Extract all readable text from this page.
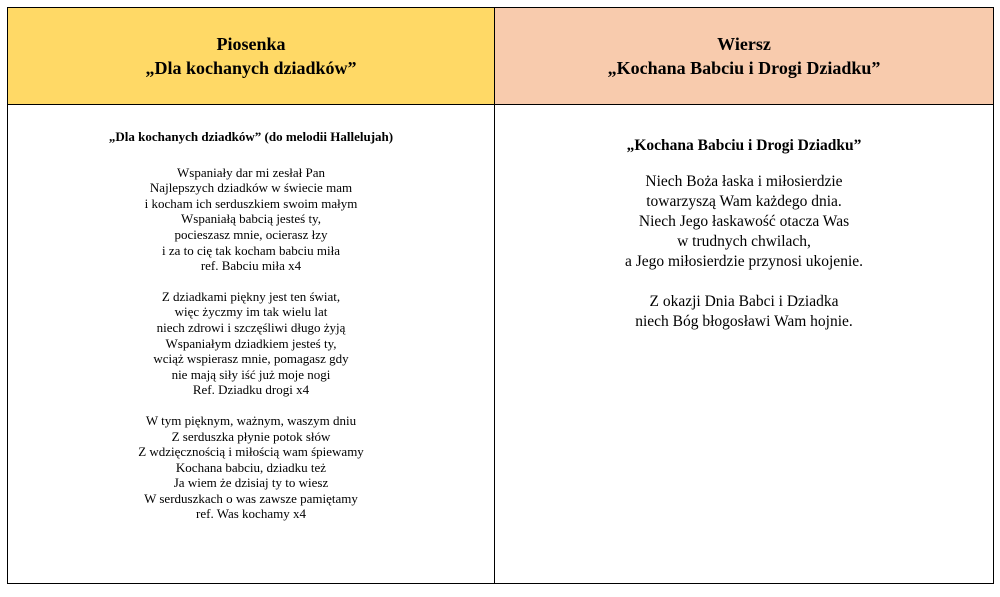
Piosenka
„Dla kochanych dziadków”
„Dla kochanych dziadków” (do melodii Hallelujah)
Wspaniały dar mi zesłał Pan
Najlepszych dziadków w świecie mam
i kocham ich serduszkiem swoim małym
Wspaniałą babcią jesteś ty,
pocieszasz mnie, ocierasz łzy
i za to cię tak kocham babciu miła
ref. Babciu miła x4
Z dziadkami piękny jest ten świat,
więc życzmy im tak wielu lat
niech zdrowi i szczęśliwi długo żyją
Wspaniałym dziadkiem jesteś ty,
wciąż wspierasz mnie, pomagasz gdy
nie mają siły iść już moje nogi
Ref. Dziadku drogi x4
W tym pięknym, ważnym, waszym dniu
Z serduszka płynie potok słów
Z wdzięcznością i miłością wam śpiewamy
Kochana babciu, dziadku też
Ja wiem że dzisiaj ty to wiesz
W serduszkach o was zawsze pamiętamy
ref. Was kochamy x4
Wiersz
„Kochana Babciu i Drogi Dziadku”
„Kochana Babciu i Drogi Dziadku”
Niech Boża łaska i miłosierdzie
towarzyszą Wam każdego dnia.
Niech Jego łaskawość otacza Was
w trudnych chwilach,
a Jego miłosierdzie przynosi ukojenie.
Z okazji Dnia Babci i Dziadka
niech Bóg błogosławi Wam hojnie.
